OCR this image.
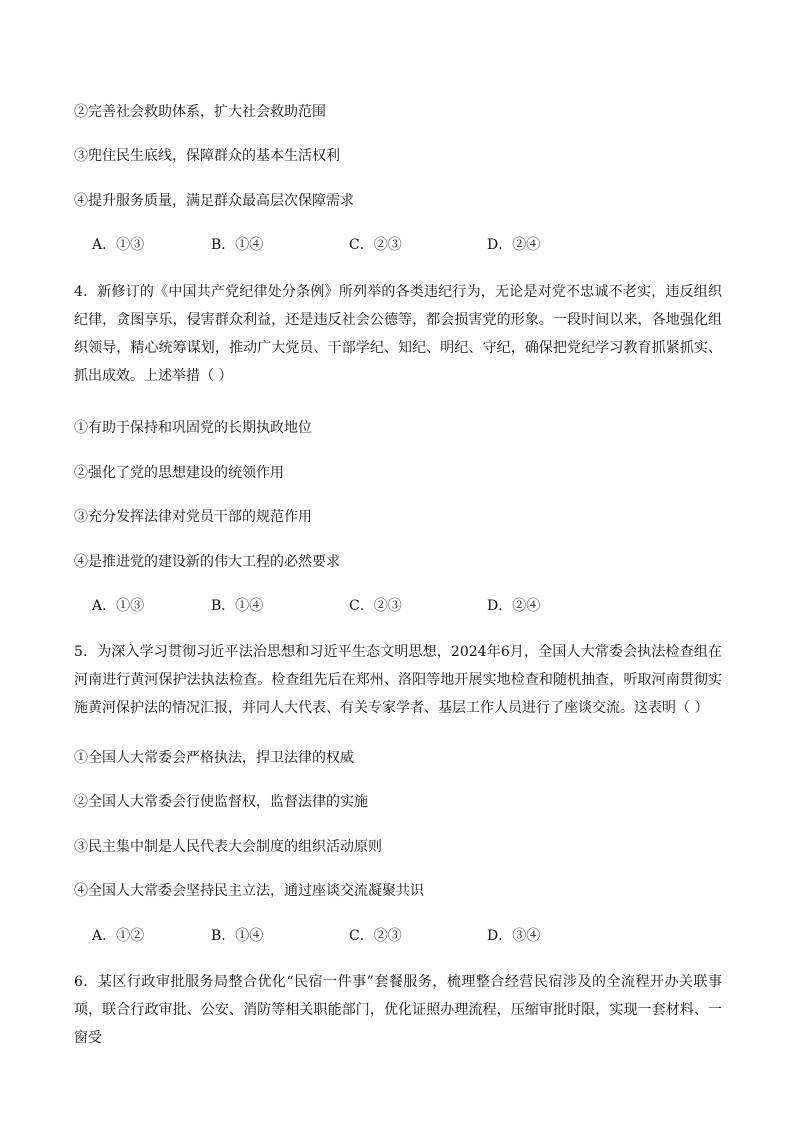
②完善社会救助体系，扩大社会救助范围
③兜住民生底线，保障群众的基本生活权利
④提升服务质量，满足群众最高层次保障需求
A．①③	B．①④	C．②③	D．②④
4．新修订的《中国共产党纪律处分条例》所列举的各类违纪行为，无论是对党不忠诚不老实，违反组织纪律，贪图享乐，侵害群众利益，还是违反社会公德等，都会损害党的形象。一段时间以来，各地强化组织领导，精心统筹谋划，推动广大党员、干部学纪、知纪、明纪、守纪，确保把党纪学习教育抓紧抓实、抓出成效。上述举措（ ）
①有助于保持和巩固党的长期执政地位
②强化了党的思想建设的统领作用
③充分发挥法律对党员干部的规范作用
④是推进党的建设新的伟大工程的必然要求
A．①③	B．①④	C．②③	D．②④
5．为深入学习贯彻习近平法治思想和习近平生态文明思想，2024年6月，全国人大常委会执法检查组在河南进行黄河保护法执法检查。检查组先后在郑州、洛阳等地开展实地检查和随机抽查，听取河南贯彻实施黄河保护法的情况汇报，并同人大代表、有关专家学者、基层工作人员进行了座谈交流。这表明（ ）
①全国人大常委会严格执法，捍卫法律的权威
②全国人大常委会行使监督权，监督法律的实施
③民主集中制是人民代表大会制度的组织活动原则
④全国人大常委会坚持民主立法，通过座谈交流凝聚共识
A．①②	B．①④	C．②③	D．③④
6．某区行政审批服务局整合优化“民宿一件事”套餐服务，梳理整合经营民宿涉及的全流程开办关联事项，联合行政审批、公安、消防等相关职能部门，优化证照办理流程，压缩审批时限，实现一套材料、一窗受
